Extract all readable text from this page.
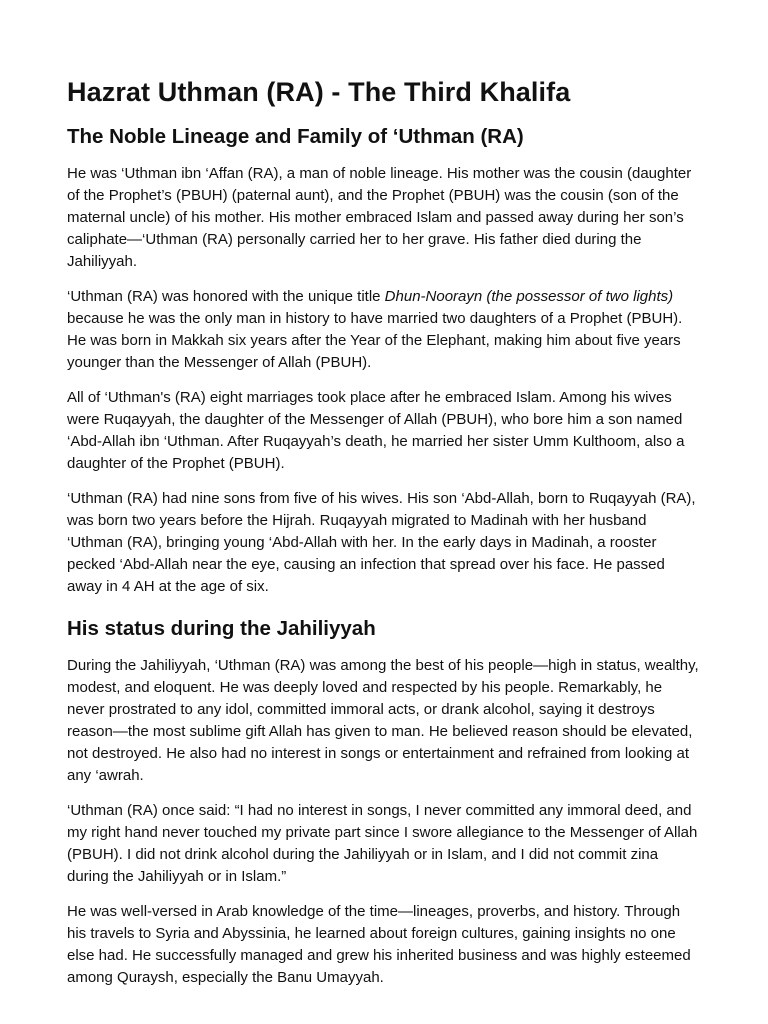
Hazrat Uthman (RA) - The Third Khalifa
The Noble Lineage and Family of ‘Uthman (RA)

He was ‘Uthman ibn ‘Affan (RA), a man of noble lineage. His mother was the cousin (daughter of the Prophet’s (PBUH) (paternal aunt), and the Prophet (PBUH) was the cousin (son of the maternal uncle) of his mother. His mother embraced Islam and passed away during her son’s caliphate—‘Uthman (RA) personally carried her to her grave. His father died during the Jahiliyyah.

‘Uthman (RA) was honored with the unique title Dhun-Noorayn (the possessor of two lights) because he was the only man in history to have married two daughters of a Prophet (PBUH). He was born in Makkah six years after the Year of the Elephant, making him about five years younger than the Messenger of Allah (PBUH).

All of ‘Uthman's (RA) eight marriages took place after he embraced Islam. Among his wives were Ruqayyah, the daughter of the Messenger of Allah (PBUH), who bore him a son named ‘Abd-Allah ibn ‘Uthman. After Ruqayyah’s death, he married her sister Umm Kulthoom, also a daughter of the Prophet (PBUH).

‘Uthman (RA) had nine sons from five of his wives. His son ‘Abd-Allah, born to Ruqayyah (RA), was born two years before the Hijrah. Ruqayyah migrated to Madinah with her husband ‘Uthman (RA), bringing young ‘Abd-Allah with her. In the early days in Madinah, a rooster pecked ‘Abd-Allah near the eye, causing an infection that spread over his face. He passed away in 4 AH at the age of six.

His status during the Jahiliyyah

During the Jahiliyyah, ‘Uthman (RA) was among the best of his people—high in status, wealthy, modest, and eloquent. He was deeply loved and respected by his people. Remarkably, he never prostrated to any idol, committed immoral acts, or drank alcohol, saying it destroys reason—the most sublime gift Allah has given to man. He believed reason should be elevated, not destroyed. He also had no interest in songs or entertainment and refrained from looking at any ‘awrah.

‘Uthman (RA) once said: “I had no interest in songs, I never committed any immoral deed, and my right hand never touched my private part since I swore allegiance to the Messenger of Allah (PBUH). I did not drink alcohol during the Jahiliyyah or in Islam, and I did not commit zina during the Jahiliyyah or in Islam.”

He was well-versed in Arab knowledge of the time—lineages, proverbs, and history. Through his travels to Syria and Abyssinia, he learned about foreign cultures, gaining insights no one else had. He successfully managed and grew his inherited business and was highly esteemed among Quraysh, especially the Banu Umayyah.
